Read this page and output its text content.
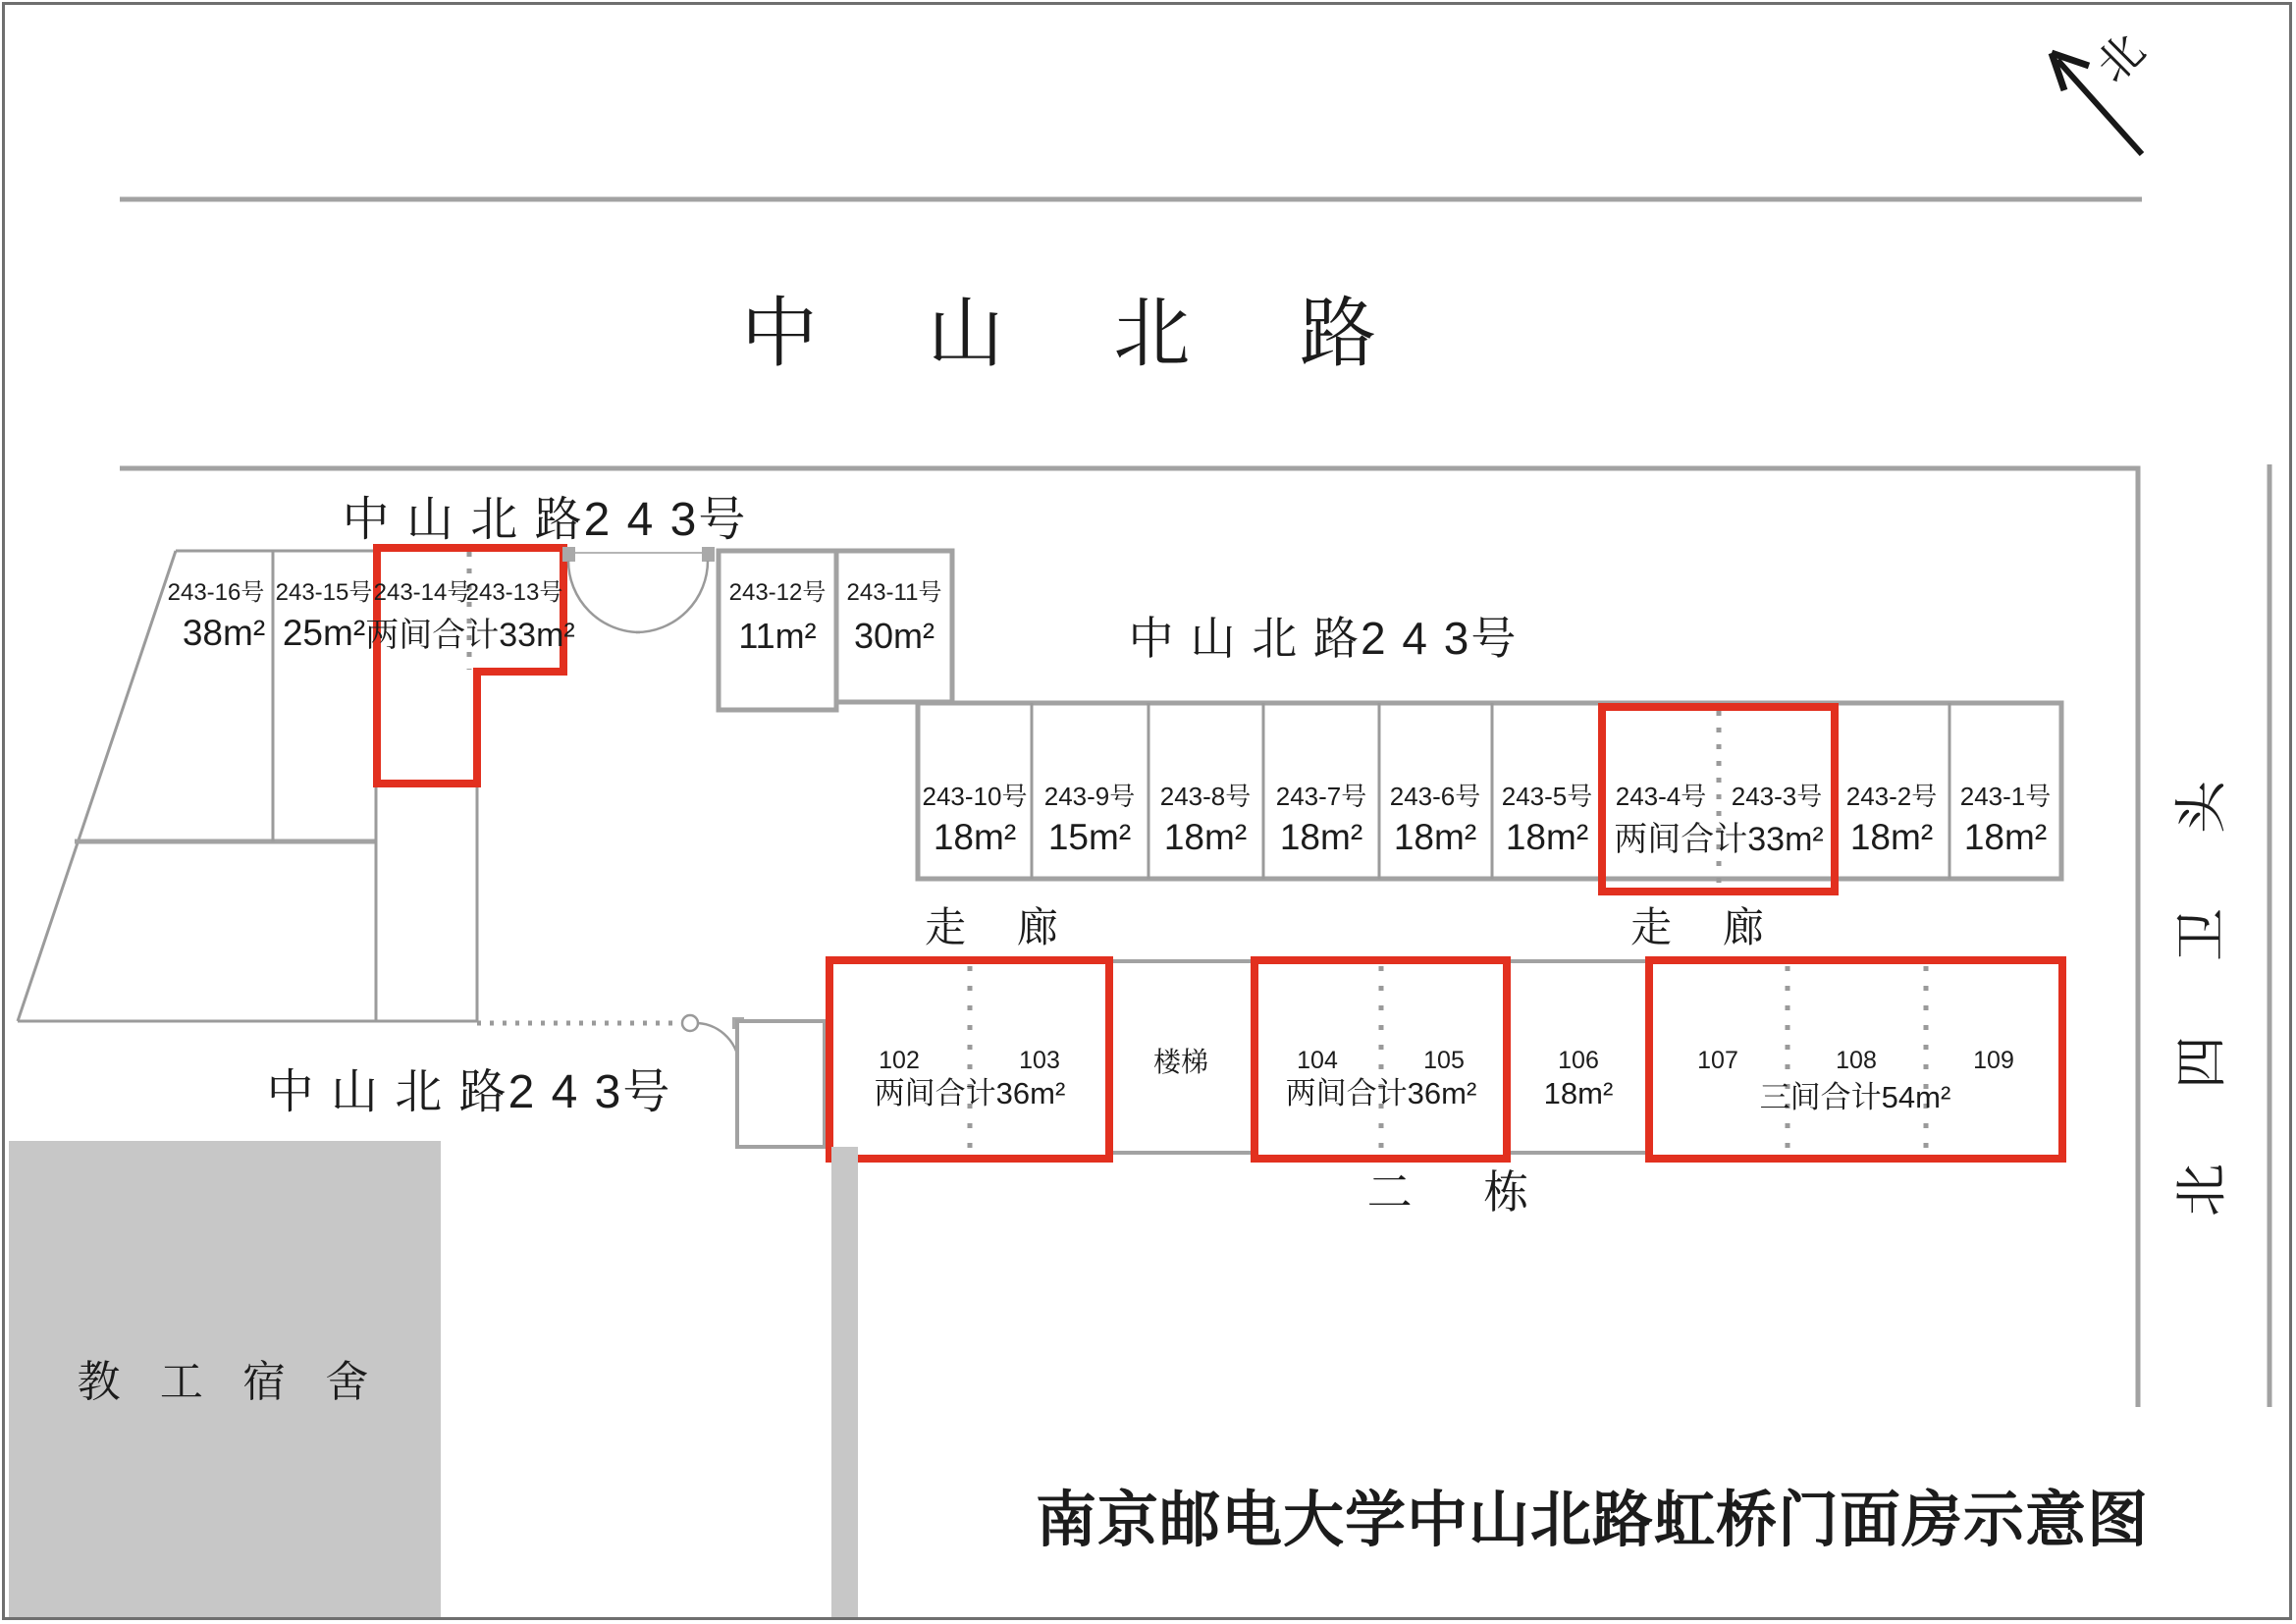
中 山 北 路
北
北四卫头
中 山 北 路2 4 3号
中 山 北 路2 4 3号
中 山 北 路2 4 3号
走 廊	走 廊
二 栋
教 工 宿 舍
楼梯
南京邮电大学中山北路虹桥门面房示意图
243-16号
38m²
243-15号
25m²
243-14号
243-13号
两间合计33m²
243-12号
11m²
243-11号
30m²
243-10号
18m²
243-9号
15m²
243-8号
18m²
243-7号
18m²
243-6号
18m²
243-5号
18m²
243-4号 243-3号
两间合计33m²
243-2号
18m²
243-1号
18m²
102	103
两间合计36m²
104	105
两间合计36m²
106
18m²
107	108	109
三间合计54m²
